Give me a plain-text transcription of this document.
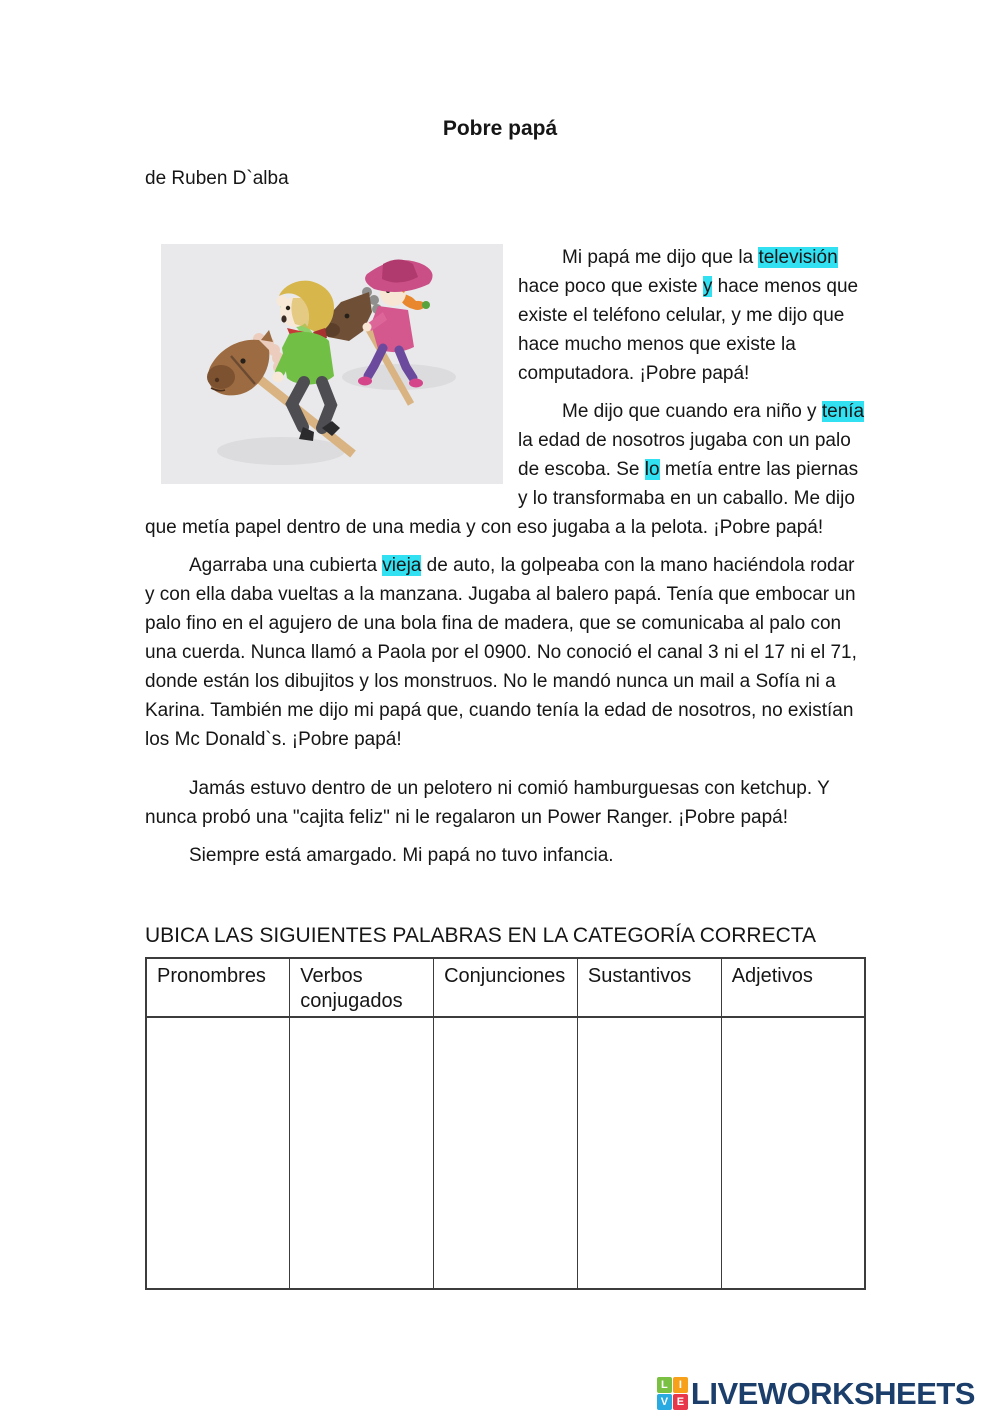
Pobre papá
de Ruben D`alba

Mi papá me dijo que la televisión hace poco que existe y hace menos que existe el teléfono celular, y me dijo que hace mucho menos que existe la computadora. ¡Pobre papá!

Me dijo que cuando era niño y tenía la edad de nosotros jugaba con un palo de escoba. Se lo metía entre las piernas y lo transformaba en un caballo. Me dijo que metía papel dentro de una media y con eso jugaba a la pelota. ¡Pobre papá!

Agarraba una cubierta vieja de auto, la golpeaba con la mano haciéndola rodar y con ella daba vueltas a la manzana. Jugaba al balero papá. Tenía que embocar un palo fino en el agujero de una bola fina de madera, que se comunicaba al palo con una cuerda. Nunca llamó a Paola por el 0900. No conoció el canal 3 ni el 17 ni el 71, donde están los dibujitos y los monstruos. No le mandó nunca un mail a Sofía ni a Karina. También me dijo mi papá que, cuando tenía la edad de nosotros, no existían los Mc Donald`s. ¡Pobre papá!

Jamás estuvo dentro de un pelotero ni comió hamburguesas con ketchup. Y nunca probó una "cajita feliz" ni le regalaron un Power Ranger. ¡Pobre papá!

Siempre está amargado. Mi papá no tuvo infancia.

UBICA LAS SIGUIENTES PALABRAS EN LA CATEGORÍA CORRECTA
Pronombres	Verbos conjugados	Conjunciones	Sustantivos	Adjetivos

L	I
V E LIVEWORKSHEETS
